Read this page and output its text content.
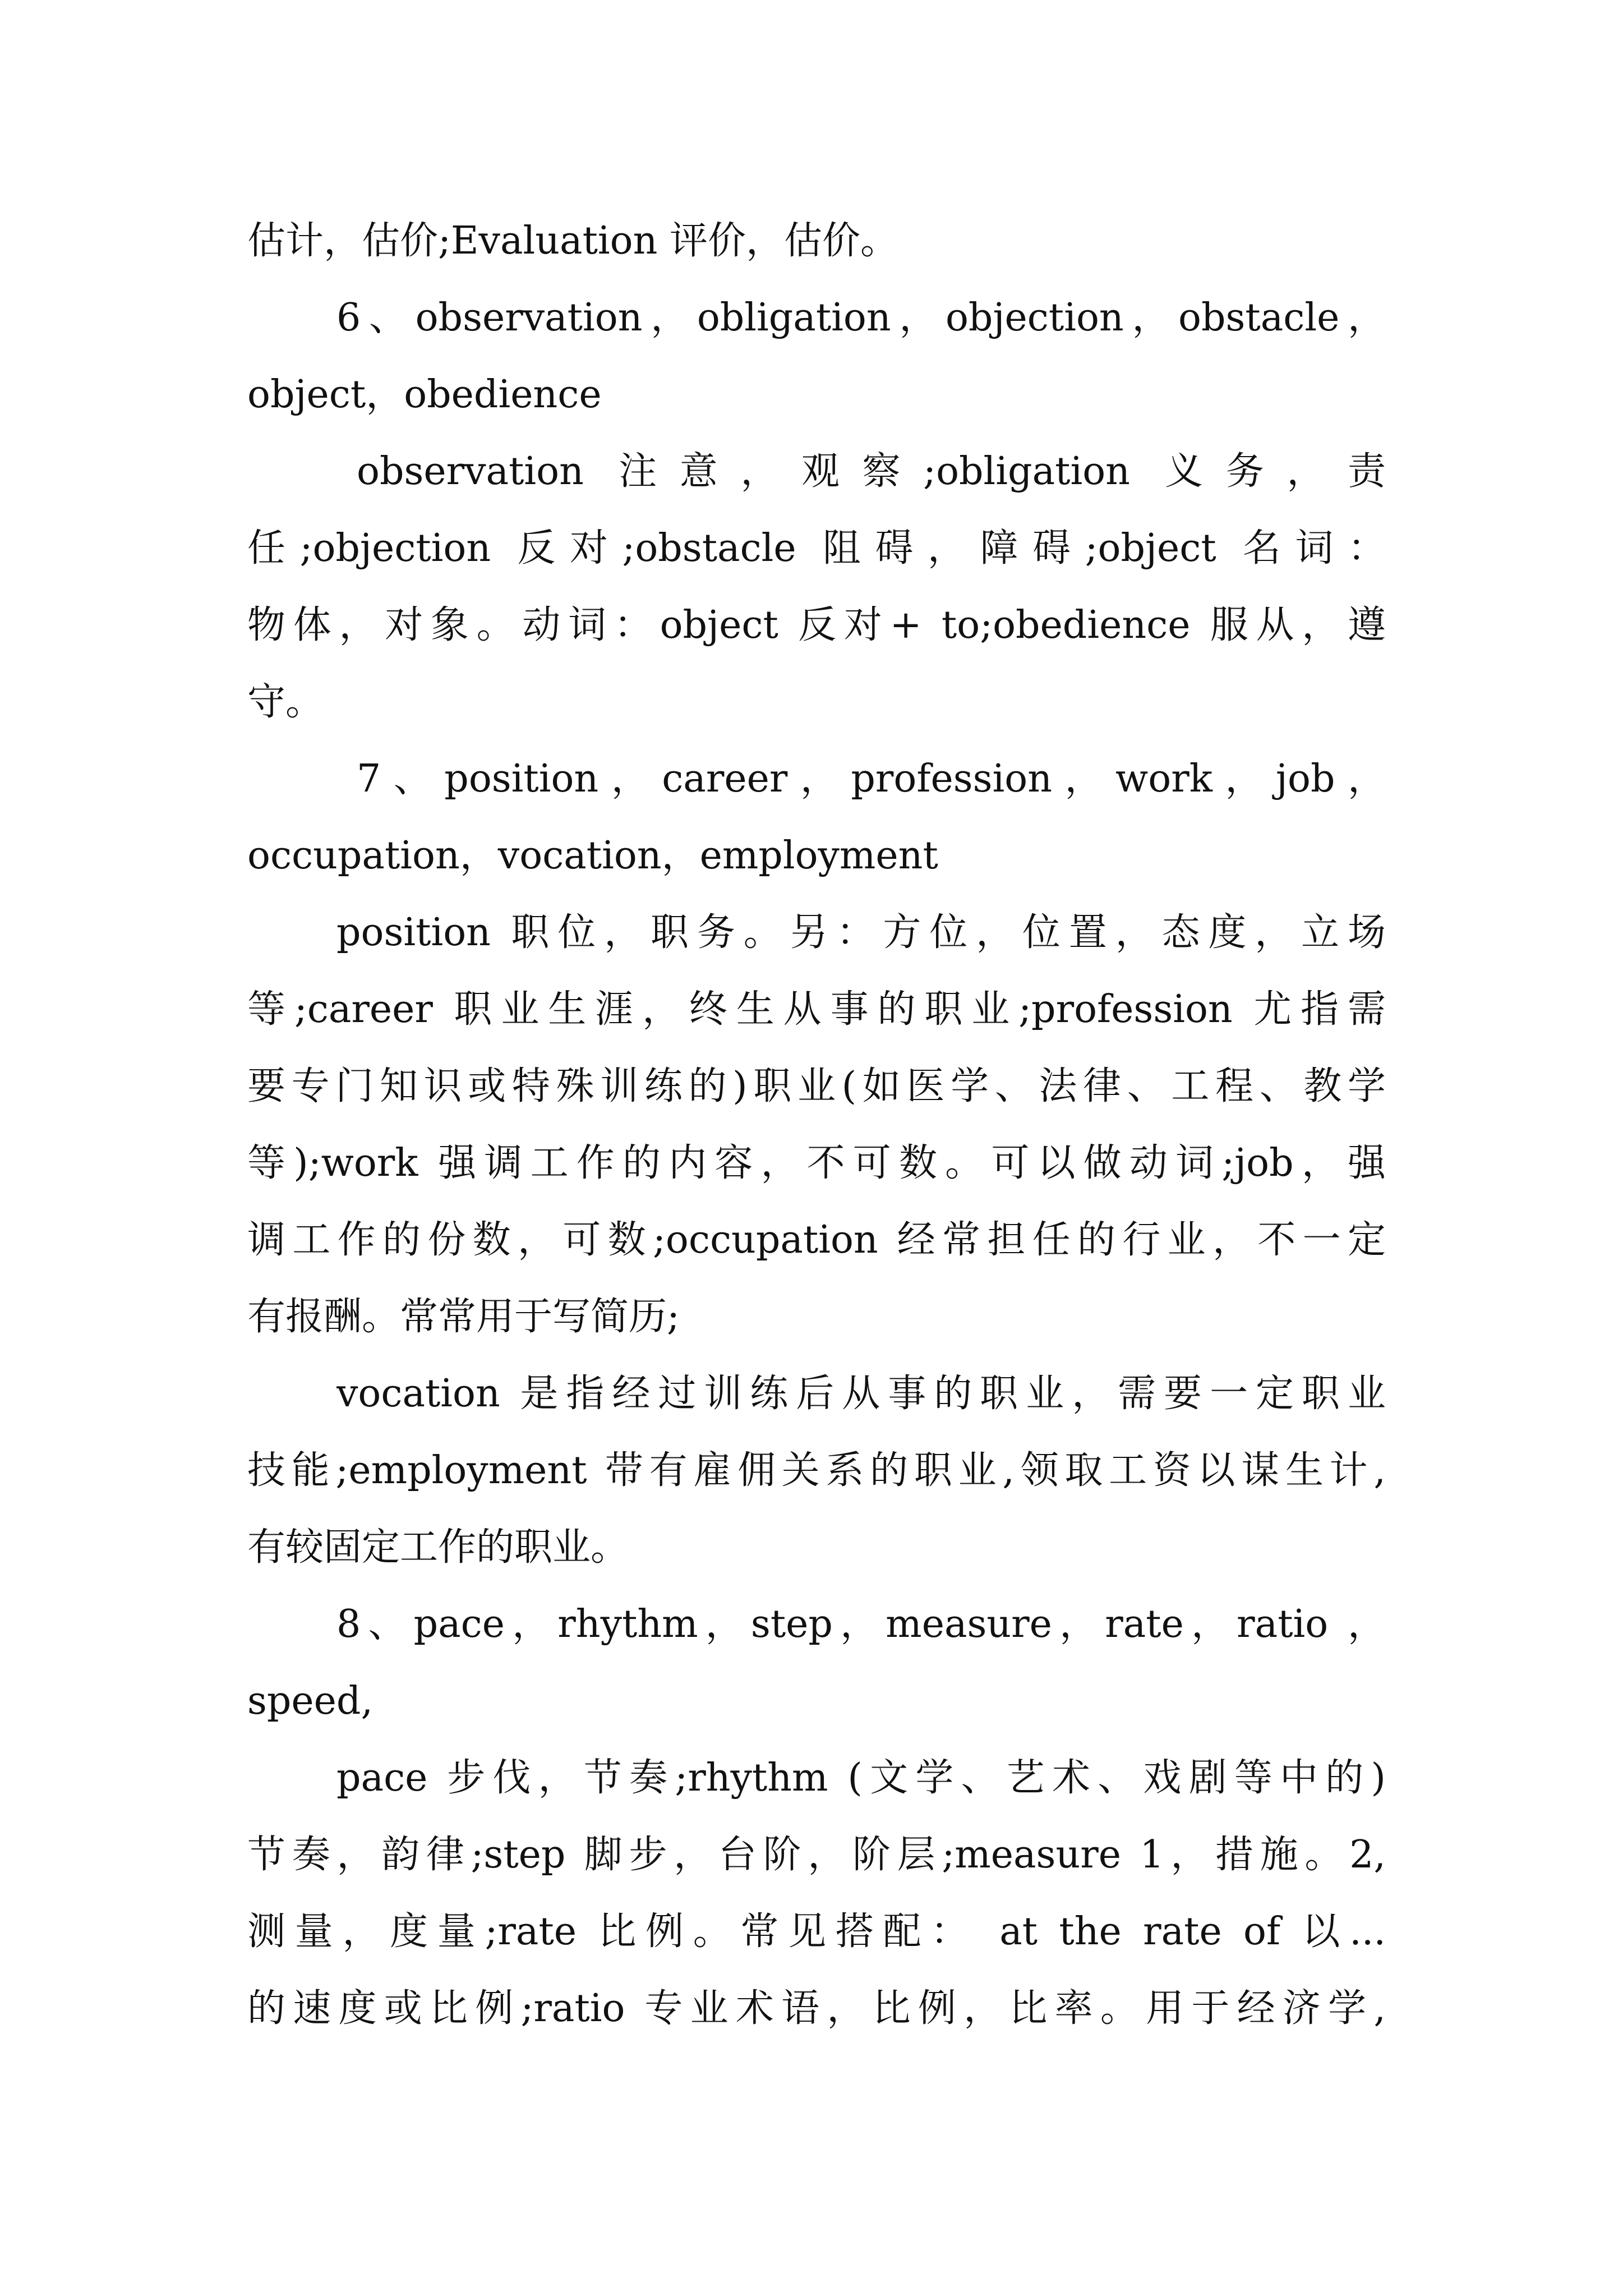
估计，估价;Evaluation 评价，估价。
6、observation，obligation，objection，obstacle，
object，obedience
observation 注意，观察;obligation 义务，责
任;objection 反对;obstacle 阻碍，障碍;object 名词：
物体，对象。动词：object 反对+ to;obedience 服从，遵
守。
7、position，career，profession，work，job，
occupation，vocation，employment
position 职位，职务。另：方位，位置，态度，立场
等;career 职业生涯，终生从事的职业;profession 尤指需
要专门知识或特殊训练的)职业(如医学、法律、工程、教学
等);work 强调工作的内容，不可数。可以做动词;job，强
调工作的份数，可数;occupation 经常担任的行业，不一定
有报酬。常常用于写简历;
vocation 是指经过训练后从事的职业，需要一定职业
技能;employment 带有雇佣关系的职业,领取工资以谋生计,
有较固定工作的职业。
8、pace，rhythm，step，measure，rate，ratio ，
speed,
pace 步伐，节奏;rhythm (文学、艺术、戏剧等中的)
节奏，韵律;step 脚步，台阶，阶层;measure 1，措施。2,
测量，度量;rate 比例。常见搭配： at the rate of 以...
的速度或比例;ratio 专业术语，比例，比率。用于经济学,
